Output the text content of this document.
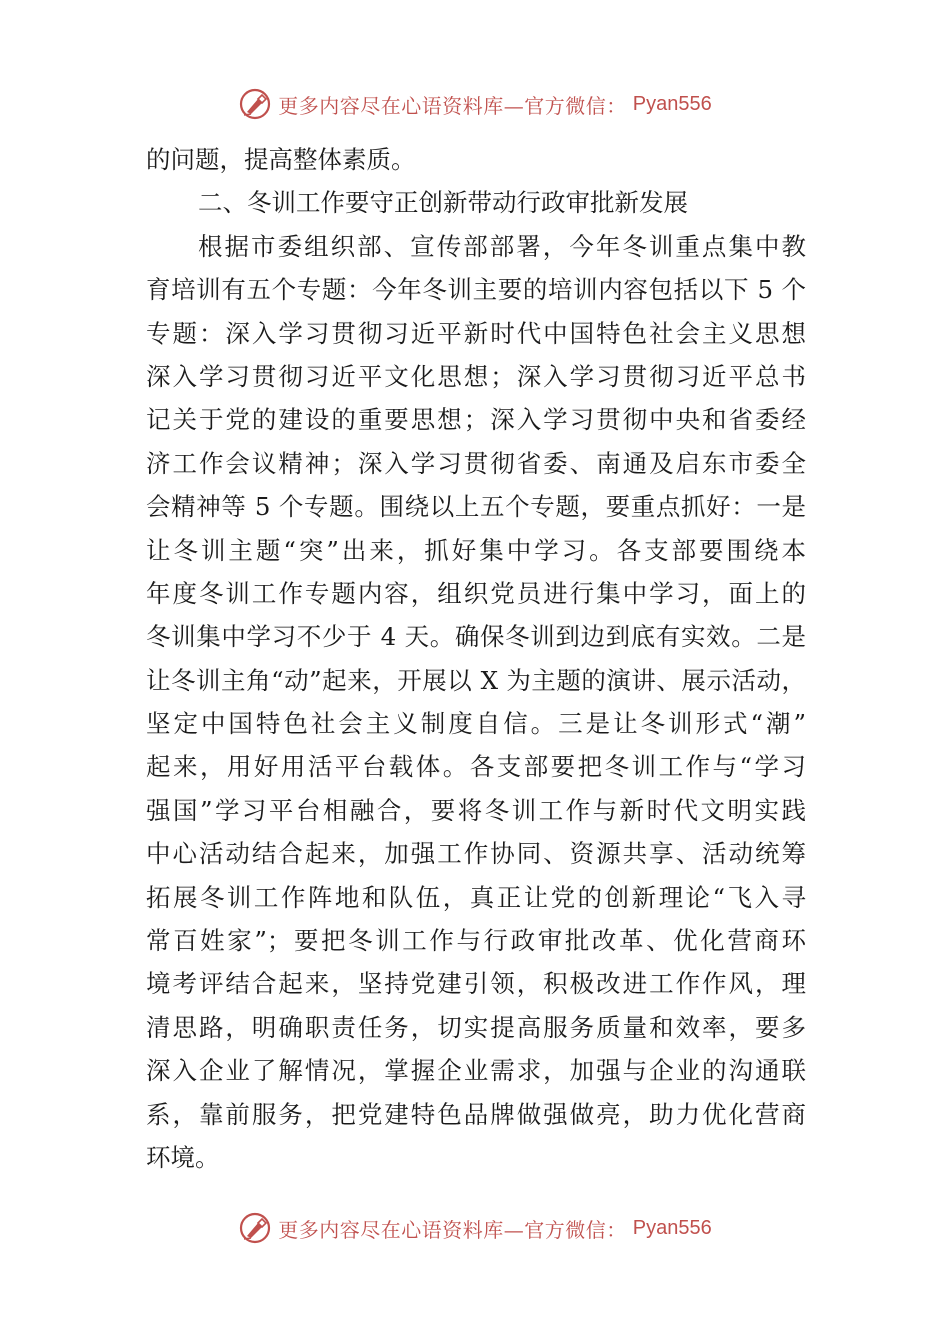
更多内容尽在心语资料库—官方微信： Pyan556
的问题，提高整体素质。
二、冬训工作要守正创新带动行政审批新发展
根据市委组织部、宣传部部署，今年冬训重点集中教
育培训有五个专题：今年冬训主要的培训内容包括以下 5 个
专题：深入学习贯彻习近平新时代中国特色社会主义思想
深入学习贯彻习近平文化思想；深入学习贯彻习近平总书
记关于党的建设的重要思想；深入学习贯彻中央和省委经
济工作会议精神；深入学习贯彻省委、南通及启东市委全
会精神等 5 个专题。围绕以上五个专题，要重点抓好：一是
让冬训主题“突”出来，抓好集中学习。各支部要围绕本
年度冬训工作专题内容，组织党员进行集中学习，面上的
冬训集中学习不少于 4 天。确保冬训到边到底有实效。二是
让冬训主角“动”起来，开展以 X 为主题的演讲、展示活动，
坚定中国特色社会主义制度自信。三是让冬训形式“潮”
起来，用好用活平台载体。各支部要把冬训工作与“学习
强国”学习平台相融合，要将冬训工作与新时代文明实践
中心活动结合起来，加强工作协同、资源共享、活动统筹
拓展冬训工作阵地和队伍，真正让党的创新理论“飞入寻
常百姓家”；要把冬训工作与行政审批改革、优化营商环
境考评结合起来，坚持党建引领，积极改进工作作风，理
清思路，明确职责任务，切实提高服务质量和效率，要多
深入企业了解情况，掌握企业需求，加强与企业的沟通联
系，靠前服务，把党建特色品牌做强做亮，助力优化营商
环境。
更多内容尽在心语资料库—官方微信： Pyan556
